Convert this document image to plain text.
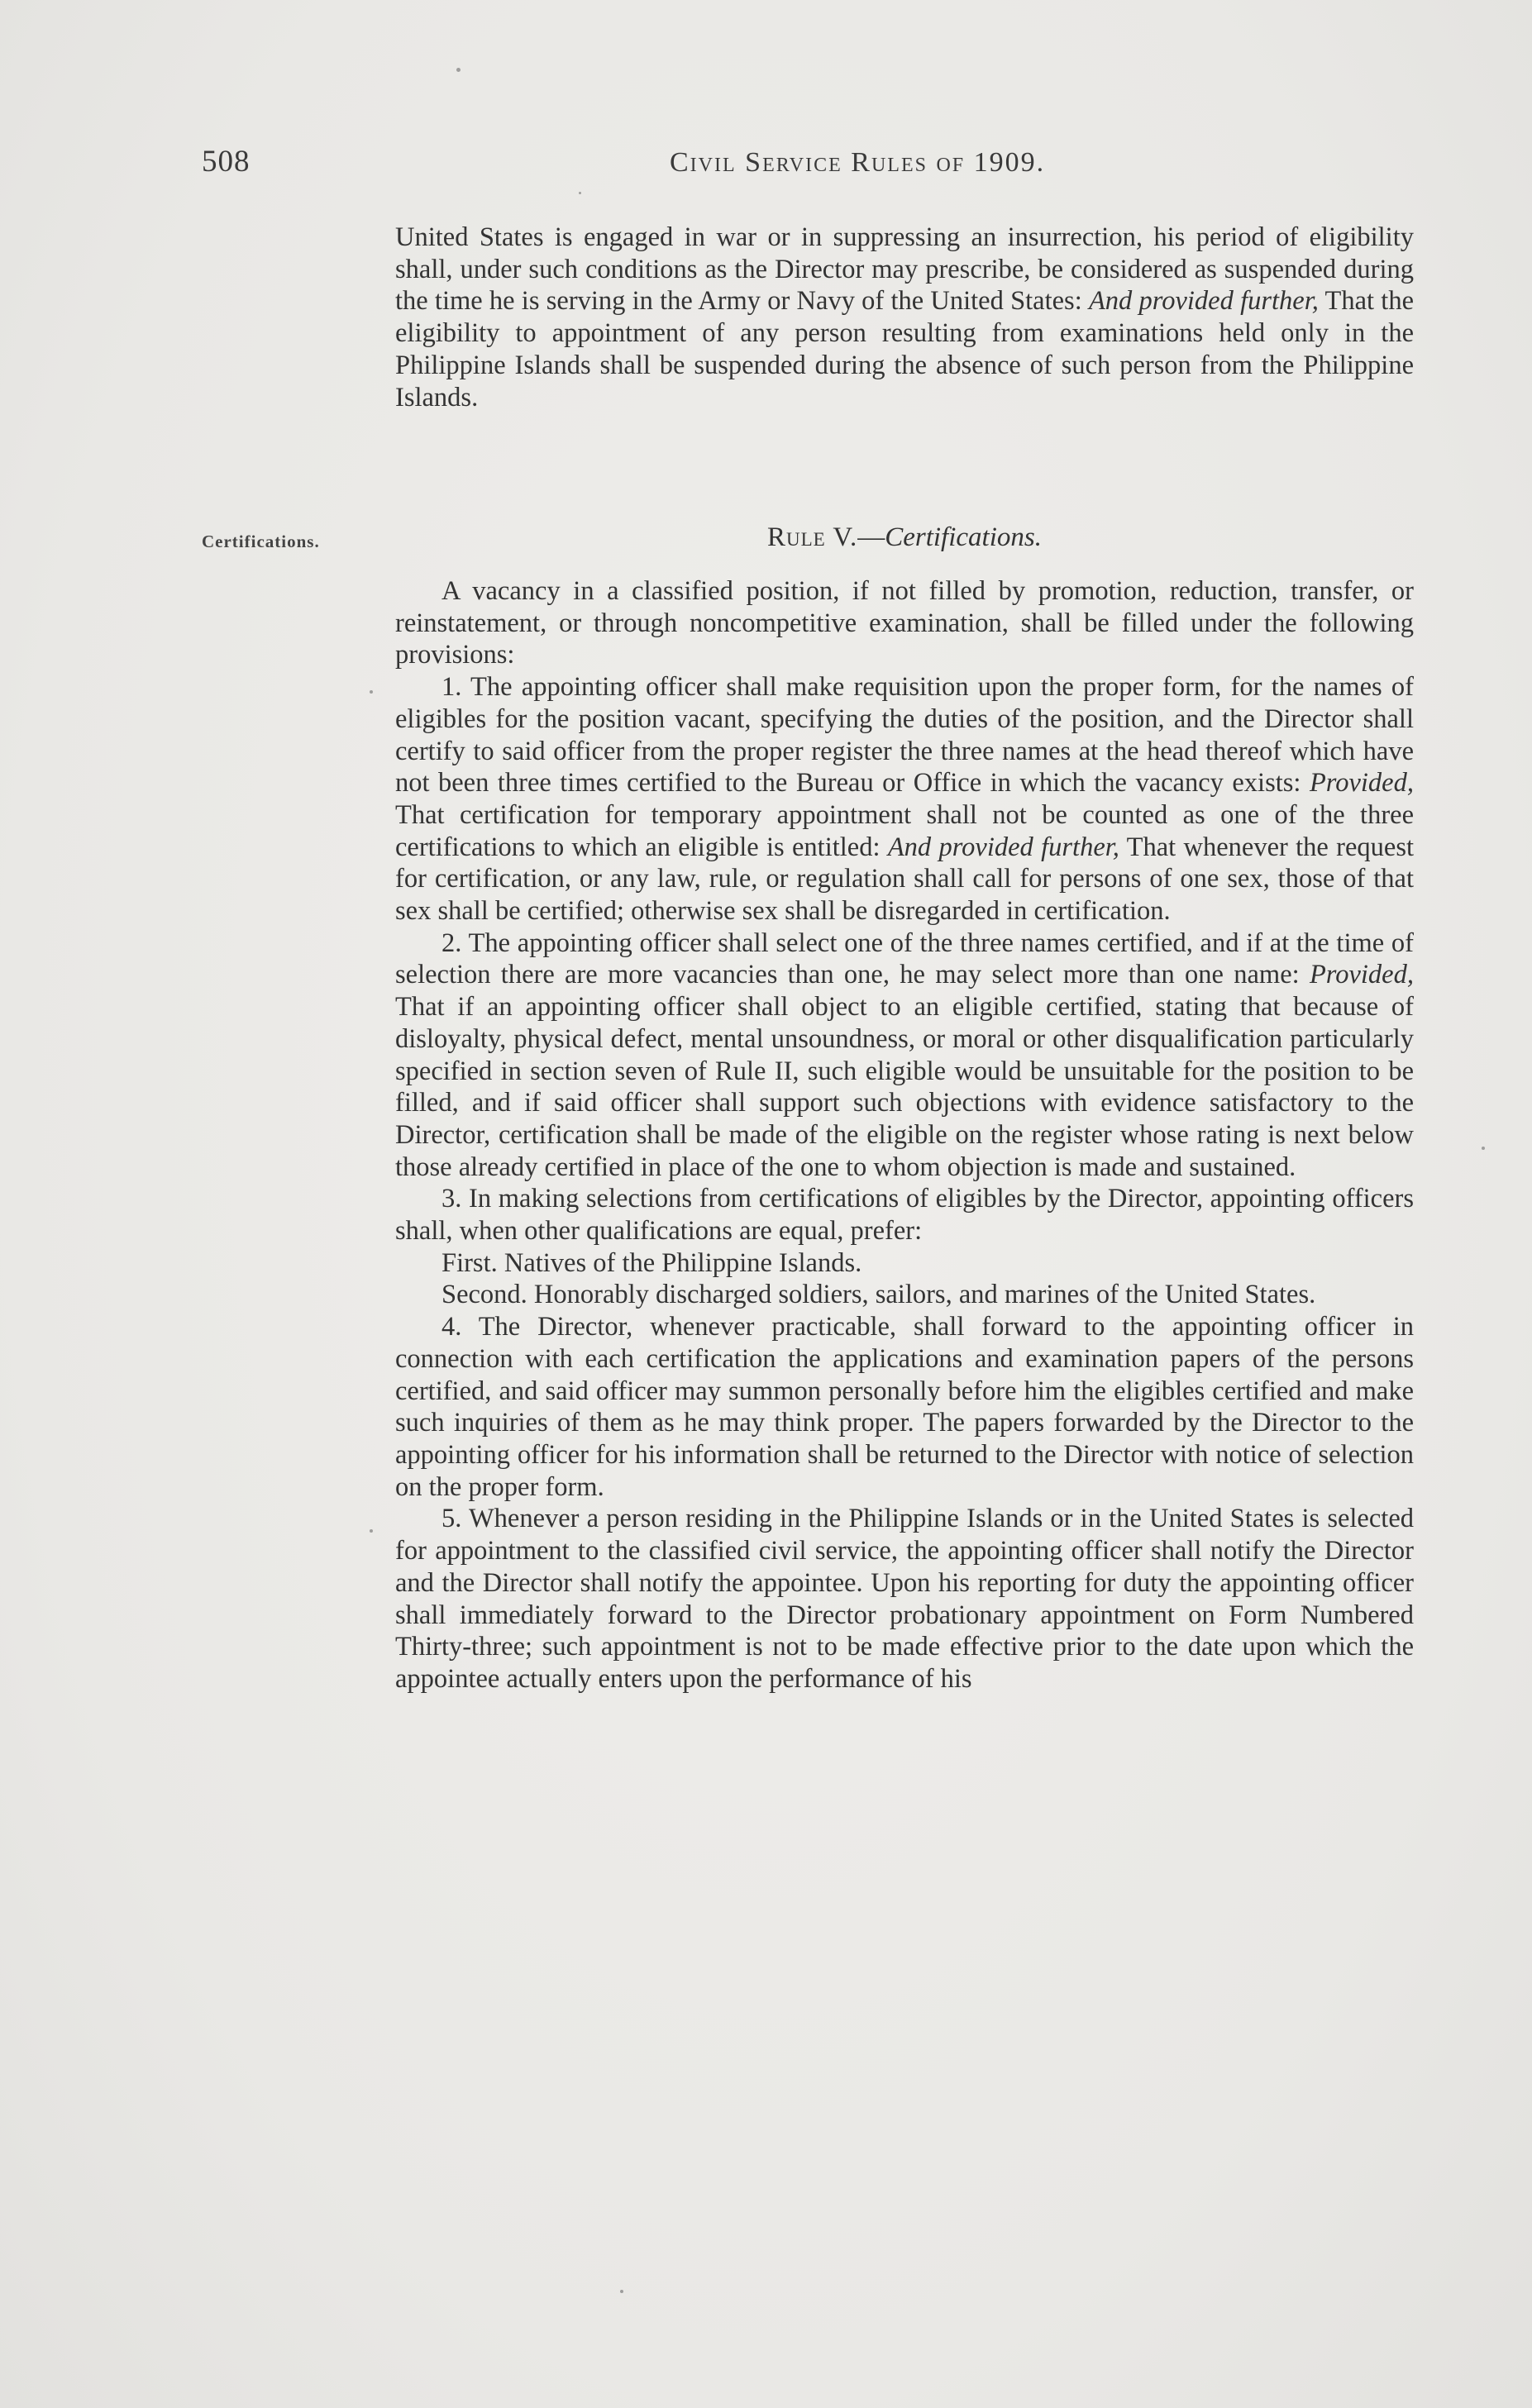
508	Civil Service Rules of 1909.

United States is engaged in war or in suppressing an insurrection, his period of eligibility shall, under such conditions as the Director may prescribe, be considered as suspended during the time he is serving in the Army or Navy of the United States: And provided further, That the eligibility to appointment of any person resulting from examinations held only in the Philippine Islands shall be suspended during the absence of such person from the Philippine Islands.

Certifications.	Rule V.—Certifications.

A vacancy in a classified position, if not filled by promotion, reduction, transfer, or reinstatement, or through noncompetitive examination, shall be filled under the following provisions:

1. The appointing officer shall make requisition upon the proper form, for the names of eligibles for the position vacant, specifying the duties of the position, and the Director shall certify to said officer from the proper register the three names at the head thereof which have not been three times certified to the Bureau or Office in which the vacancy exists: Provided, That certification for temporary appointment shall not be counted as one of the three certifications to which an eligible is entitled: And provided further, That whenever the request for certification, or any law, rule, or regulation shall call for persons of one sex, those of that sex shall be certified; otherwise sex shall be disregarded in certification.

2. The appointing officer shall select one of the three names certified, and if at the time of selection there are more vacancies than one, he may select more than one name: Provided, That if an appointing officer shall object to an eligible certified, stating that because of disloyalty, physical defect, mental unsoundness, or moral or other disqualification particularly specified in section seven of Rule II, such eligible would be unsuitable for the position to be filled, and if said officer shall support such objections with evidence satisfactory to the Director, certification shall be made of the eligible on the register whose rating is next below those already certified in place of the one to whom objection is made and sustained.

3. In making selections from certifications of eligibles by the Director, appointing officers shall, when other qualifications are equal, prefer:

First. Natives of the Philippine Islands.

Second. Honorably discharged soldiers, sailors, and marines of the United States.

4. The Director, whenever practicable, shall forward to the appointing officer in connection with each certification the applications and examination papers of the persons certified, and said officer may summon personally before him the eligibles certified and make such inquiries of them as he may think proper. The papers forwarded by the Director to the appointing officer for his information shall be returned to the Director with notice of selection on the proper form.

5. Whenever a person residing in the Philippine Islands or in the United States is selected for appointment to the classified civil service, the appointing officer shall notify the Director and the Director shall notify the appointee. Upon his reporting for duty the appointing officer shall immediately forward to the Director probationary appointment on Form Numbered Thirty-three; such appointment is not to be made effective prior to the date upon which the appointee actually enters upon the performance of his
